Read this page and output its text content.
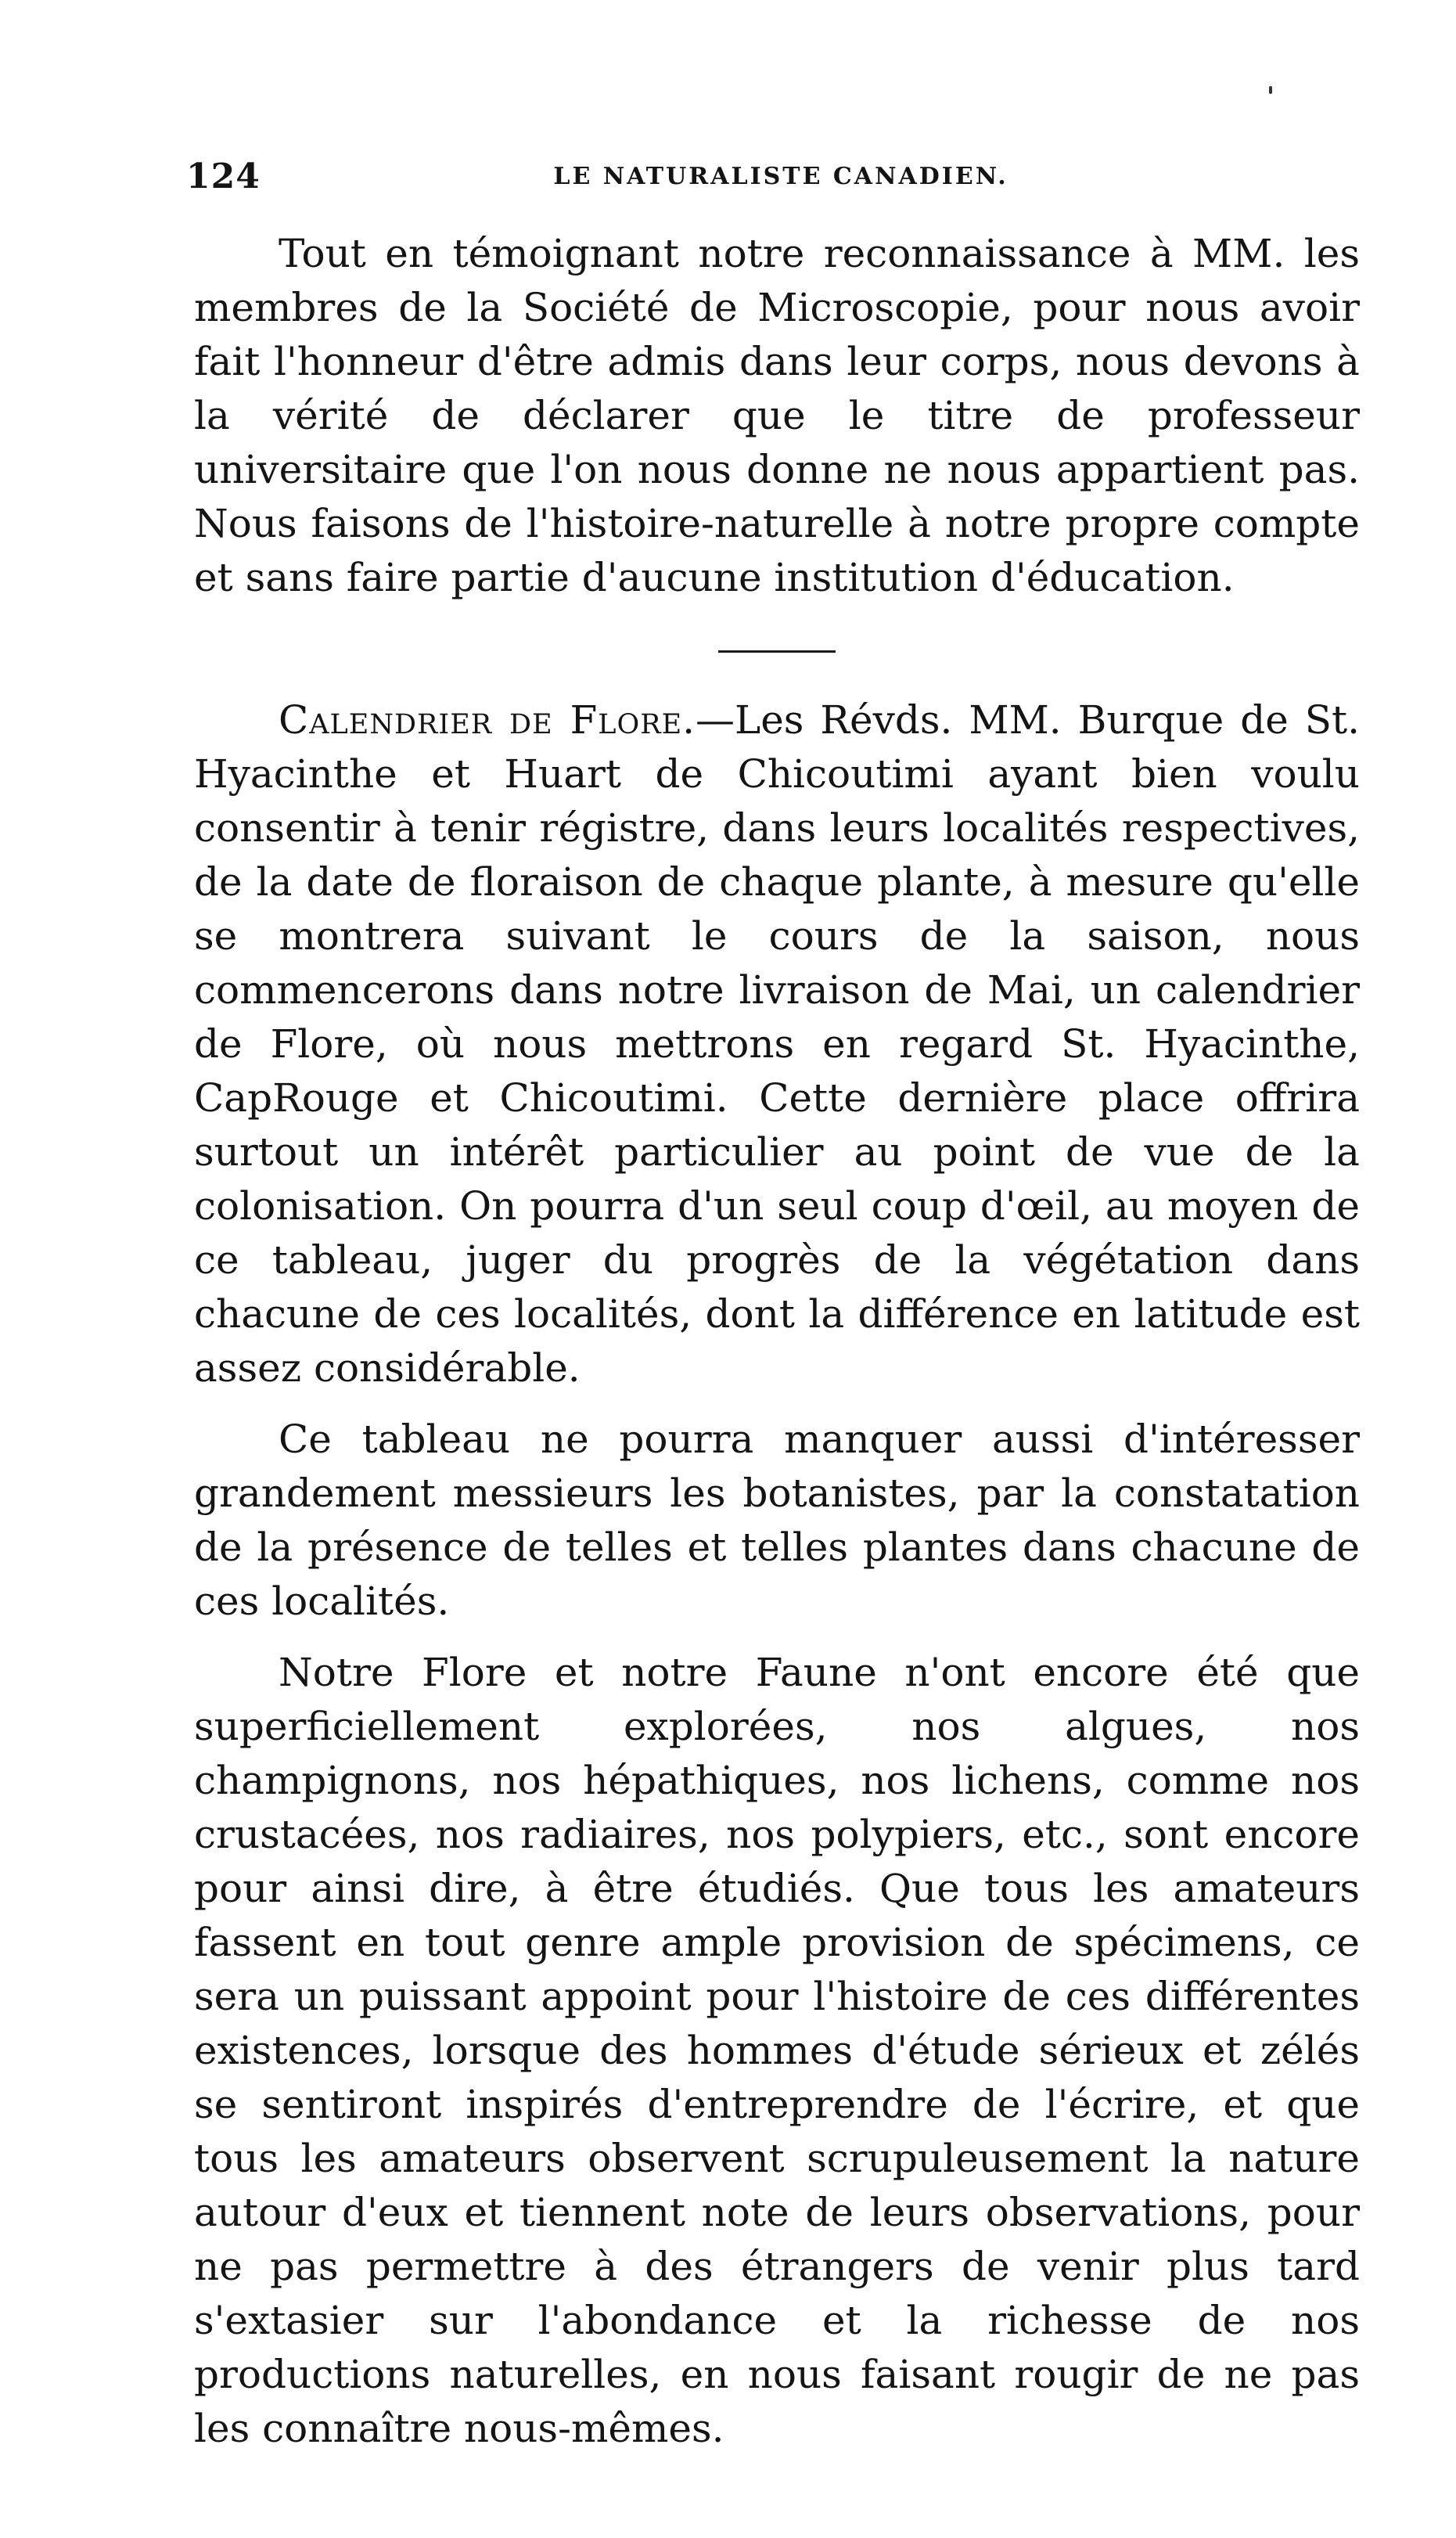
124	LE NATURALISTE CANADIEN.

Tout en témoignant notre reconnaissance à MM. les membres de la Société de Microscopie, pour nous avoir fait l'honneur d'être admis dans leur corps, nous devons à la vérité de déclarer que le titre de professeur universitaire que l'on nous donne ne nous appartient pas. Nous faisons de l'histoire-naturelle à notre propre compte et sans faire partie d'aucune institution d'éducation.

Calendrier de Flore.—Les Révds. MM. Burque de St. Hyacinthe et Huart de Chicoutimi ayant bien voulu consentir à tenir régistre, dans leurs localités respectives, de la date de floraison de chaque plante, à mesure qu'elle se montrera suivant le cours de la saison, nous commencerons dans notre livraison de Mai, un calendrier de Flore, où nous mettrons en regard St. Hyacinthe, CapRouge et Chicoutimi. Cette dernière place offrira surtout un intérêt particulier au point de vue de la colonisation. On pourra d'un seul coup d'œil, au moyen de ce tableau, juger du progrès de la végétation dans chacune de ces localités, dont la différence en latitude est assez considérable.

Ce tableau ne pourra manquer aussi d'intéresser grandement messieurs les botanistes, par la constatation de la présence de telles et telles plantes dans chacune de ces localités.

Notre Flore et notre Faune n'ont encore été que superficiellement explorées, nos algues, nos champignons, nos hépathiques, nos lichens, comme nos crustacées, nos radiaires, nos polypiers, etc., sont encore pour ainsi dire, à être étudiés. Que tous les amateurs fassent en tout genre ample provision de spécimens, ce sera un puissant appoint pour l'histoire de ces différentes existences, lorsque des hommes d'étude sérieux et zélés se sentiront inspirés d'entreprendre de l'écrire, et que tous les amateurs observent scrupuleusement la nature autour d'eux et tiennent note de leurs observations, pour ne pas permettre à des étrangers de venir plus tard s'extasier sur l'abondance et la richesse de nos productions naturelles, en nous faisant rougir de ne pas les connaître nous-mêmes.
